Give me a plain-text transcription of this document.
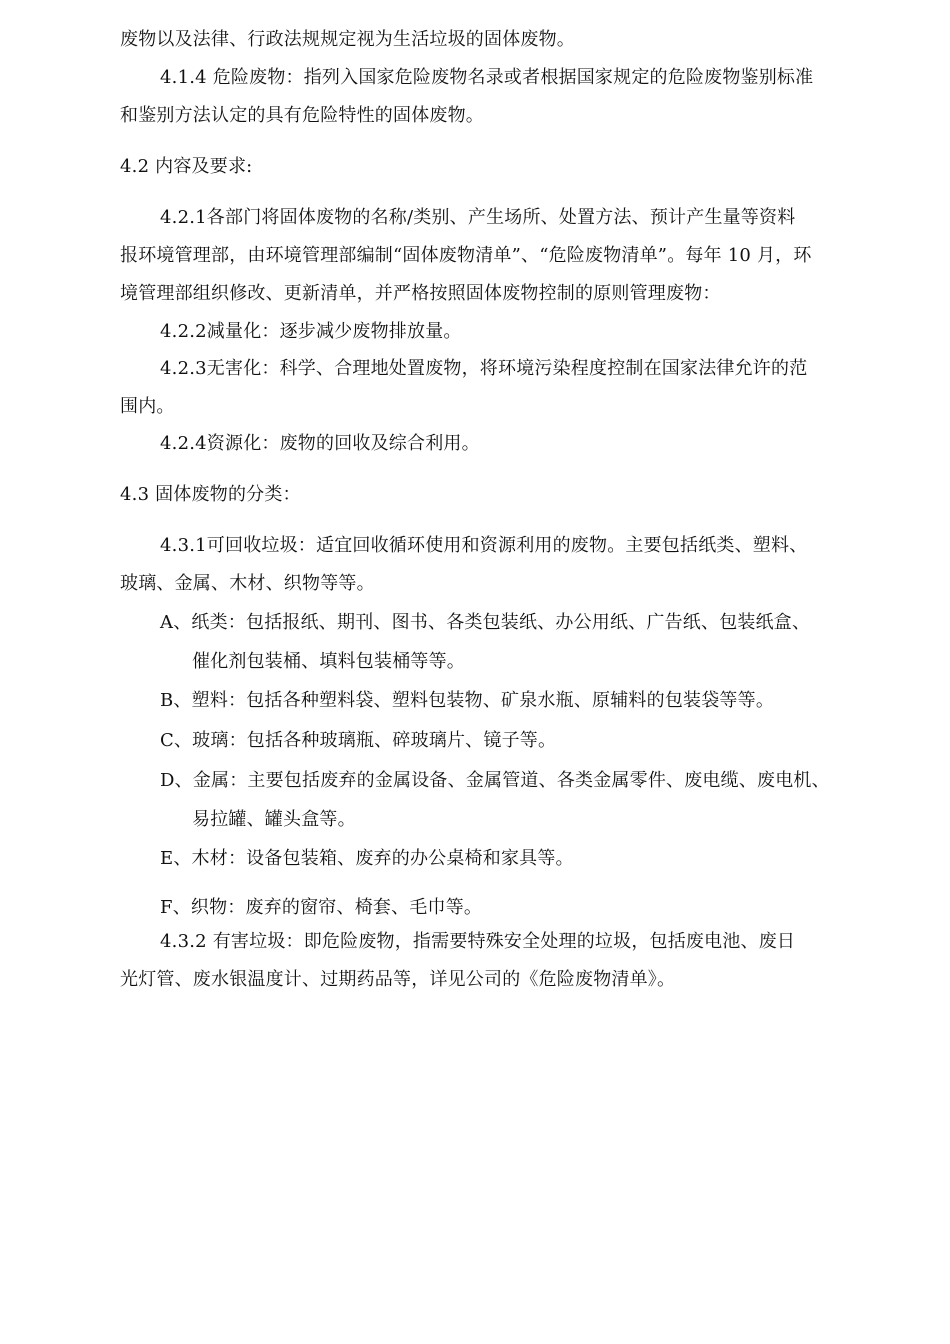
废物以及法律、行政法规规定视为生活垃圾的固体废物。
4.1.4 危险废物：指列入国家危险废物名录或者根据国家规定的危险废物鉴别标准
和鉴别方法认定的具有危险特性的固体废物。
4.2 内容及要求:
4.2.1各部门将固体废物的名称/类别、产生场所、处置方法、预计产生量等资料
报环境管理部，由环境管理部编制“固体废物清单”、“危险废物清单”。每年 10 月，环
境管理部组织修改、更新清单，并严格按照固体废物控制的原则管理废物：
4.2.2减量化：逐步减少废物排放量。
4.2.3无害化：科学、合理地处置废物，将环境污染程度控制在国家法律允许的范
围内。
4.2.4资源化：废物的回收及综合利用。
4.3 固体废物的分类：
4.3.1可回收垃圾：适宜回收循环使用和资源利用的废物。主要包括纸类、塑料、
玻璃、金属、木材、织物等等。
A、纸类：包括报纸、期刊、图书、各类包装纸、办公用纸、广告纸、包装纸盒、
催化剂包装桶、填料包装桶等等。
B、塑料：包括各种塑料袋、塑料包装物、矿泉水瓶、原辅料的包装袋等等。
C、玻璃：包括各种玻璃瓶、碎玻璃片、镜子等。
D、金属：主要包括废弃的金属设备、金属管道、各类金属零件、废电缆、废电机、
易拉罐、罐头盒等。
E、木材：设备包装箱、废弃的办公桌椅和家具等。
F、织物：废弃的窗帘、椅套、毛巾等。
4.3.2 有害垃圾：即危险废物，指需要特殊安全处理的垃圾，包括废电池、废日
光灯管、废水银温度计、过期药品等，详见公司的《危险废物清单》。
